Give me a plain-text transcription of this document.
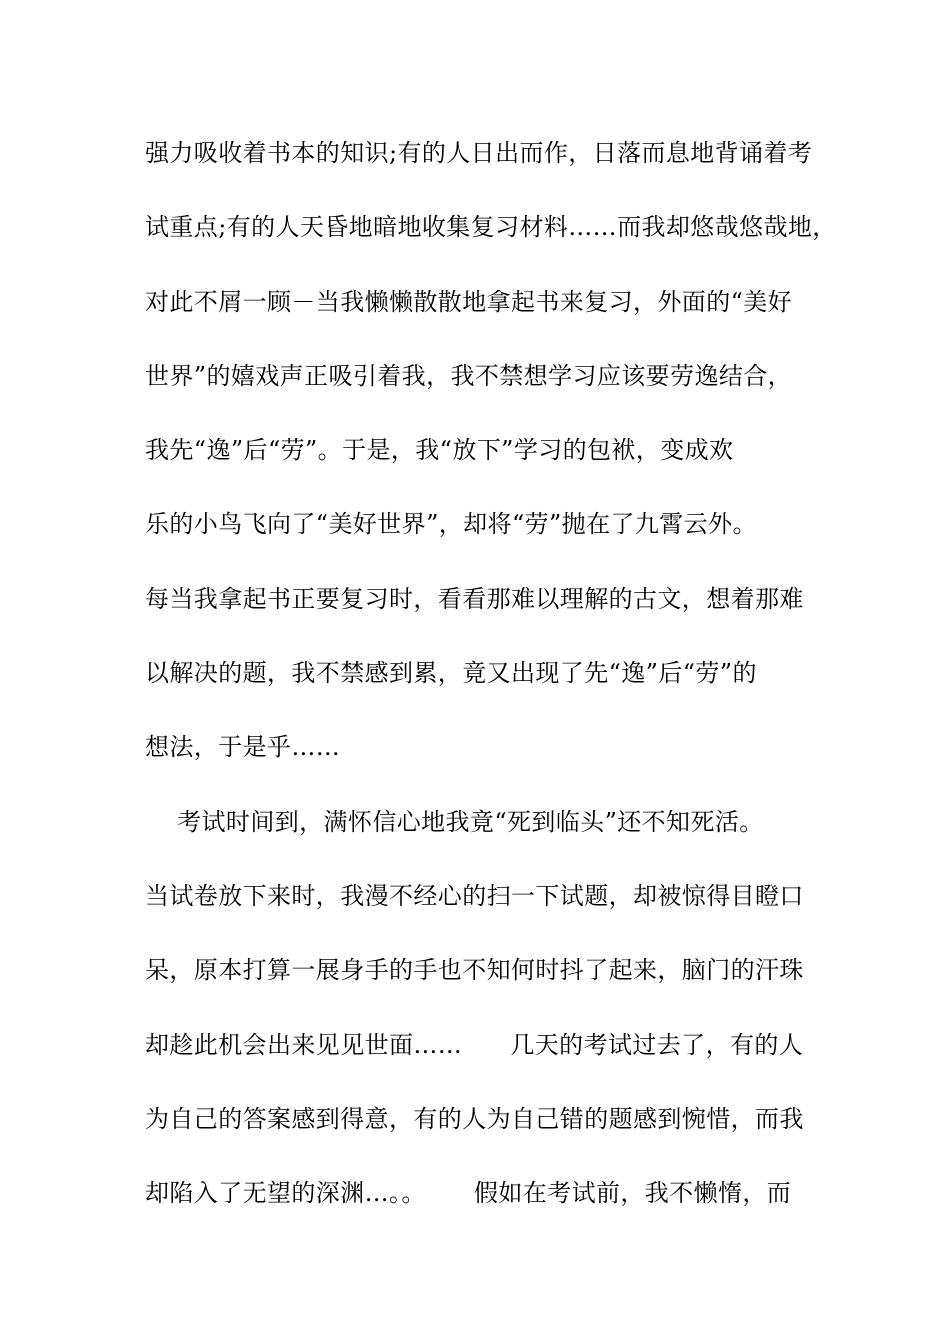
强力吸收着书本的知识;有的人日出而作，日落而息地背诵着考
试重点;有的人天昏地暗地收集复习材料……而我却悠哉悠哉地，
对此不屑一顾－当我懒懒散散地拿起书来复习，外面的“美好
世界”的嬉戏声正吸引着我，我不禁想学习应该要劳逸结合，
我先“逸”后“劳”。于是，我“放下”学习的包袱，变成欢
乐的小鸟飞向了“美好世界”，却将“劳”抛在了九霄云外。
每当我拿起书正要复习时，看看那难以理解的古文，想着那难
以解决的题，我不禁感到累，竟又出现了先“逸”后“劳”的
想法，于是乎……
考试时间到，满怀信心地我竟“死到临头”还不知死活。
当试卷放下来时，我漫不经心的扫一下试题，却被惊得目瞪口
呆，原本打算一展身手的手也不知何时抖了起来，脑门的汗珠
却趁此机会出来见见世面……      几天的考试过去了，有的人
为自己的答案感到得意，有的人为自己错的题感到惋惜，而我
却陷入了无望的深渊…。。      假如在考试前，我不懒惰，而
